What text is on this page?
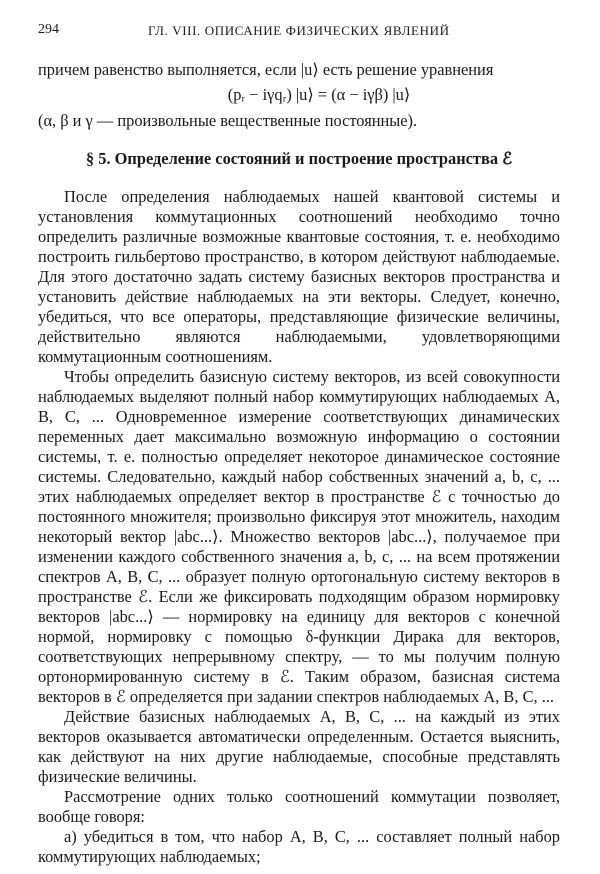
294	ГЛ. VIII. ОПИСАНИЕ ФИЗИЧЕСКИХ ЯВЛЕНИЙ

причем равенство выполняется, если |u⟩ есть решение уравнения

(pᵣ − iγqᵣ) |u⟩ = (α − iγβ) |u⟩

(α, β и γ — произвольные вещественные постоянные).

§ 5. Определение состояний и построение пространства ℰ

После определения наблюдаемых нашей квантовой системы и установления коммутационных соотношений необходимо точно определить различные возможные квантовые состояния, т. е. необходимо построить гильбертово пространство, в котором действуют наблюдаемые. Для этого достаточно задать систему базисных векторов пространства и установить действие наблюдаемых на эти векторы. Следует, конечно, убедиться, что все операторы, представляющие физические величины, действительно являются наблюдаемыми, удовлетворяющими коммутационным соотношениям.

Чтобы определить базисную систему векторов, из всей совокупности наблюдаемых выделяют полный набор коммутирующих наблюдаемых A, B, C, ... Одновременное измерение соответствующих динамических переменных дает максимально возможную информацию о состоянии системы, т. е. полностью определяет некоторое динамическое состояние системы. Следовательно, каждый набор собственных значений a, b, c, ... этих наблюдаемых определяет вектор в пространстве ℰ с точностью до постоянного множителя; произвольно фиксируя этот множитель, находим некоторый вектор |abc...⟩. Множество векторов |abc...⟩, получаемое при изменении каждого собственного значения a, b, c, ... на всем протяжении спектров A, B, C, ... образует полную ортогональную систему векторов в пространстве ℰ. Если же фиксировать подходящим образом нормировку векторов |abc...⟩ — нормировку на единицу для векторов с конечной нормой, нормировку с помощью δ-функции Дирака для векторов, соответствующих непрерывному спектру, — то мы получим полную ортонормированную систему в ℰ. Таким образом, базисная система векторов в ℰ определяется при задании спектров наблюдаемых A, B, C, ...

Действие базисных наблюдаемых A, B, C, ... на каждый из этих векторов оказывается автоматически определенным. Остается выяснить, как действуют на них другие наблюдаемые, способные представлять физические величины.

Рассмотрение одних только соотношений коммутации позволяет, вообще говоря:

а) убедиться в том, что набор A, B, C, ... составляет полный набор коммутирующих наблюдаемых;
